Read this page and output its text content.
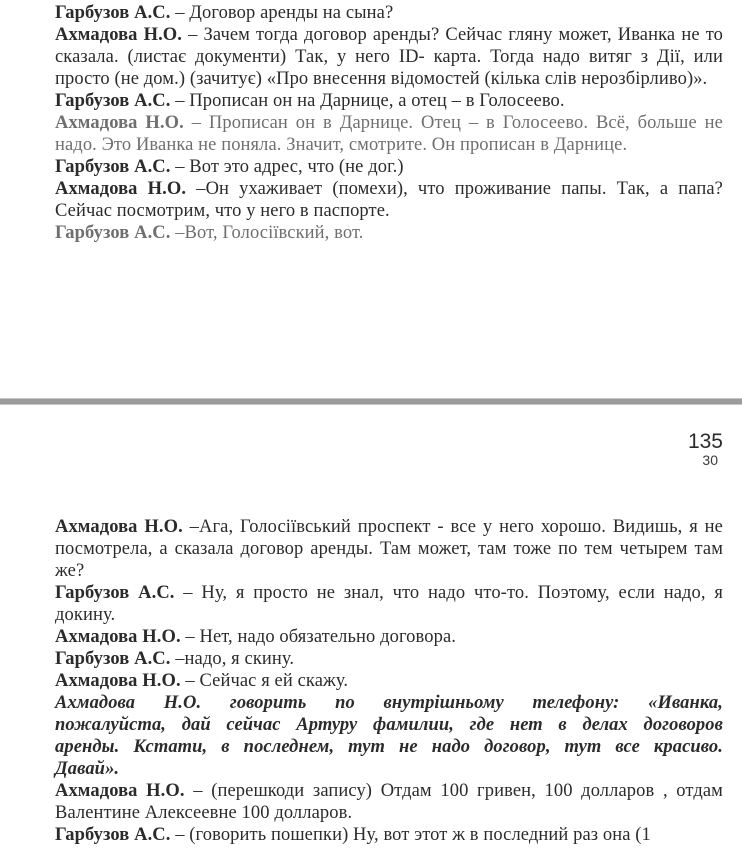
Гарбузов А.С. – Договор аренды на сына?

Ахмадова Н.О. – Зачем тогда договор аренды? Сейчас гляну может, Иванка не то сказала. (листає документи) Так, у него ID- карта. Тогда надо витяг з Дії, или просто (не дом.) (зачитує) «Про внесення відомостей (кілька слів нерозбірливо)».

Гарбузов А.С. – Прописан он на Дарнице, а отец – в Голосеево.

Ахмадова Н.О. – Прописан он в Дарнице. Отец – в Голосеево. Всё, больше не надо. Это Иванка не поняла. Значит, смотрите. Он прописан в Дарнице.

Гарбузов А.С. – Вот это адрес, что (не дог.)

Ахмадова Н.О. –Он ухаживает (помехи), что проживание папы. Так, а папа? Сейчас посмотрим, что у него в паспорте.

Гарбузов А.С. –Вот, Голосіївский, вот.

135
30

Ахмадова Н.О. –Ага, Голосіївський проспект - все у него хорошо. Видишь, я не посмотрела, а сказала договор аренды. Там может, там тоже по тем четырем там же?

Гарбузов А.С. – Ну, я просто не знал, что надо что-то. Поэтому, если надо, я докину.

Ахмадова Н.О. – Нет, надо обязательно договора.

Гарбузов А.С. –надо, я скину.

Ахмадова Н.О. – Сейчас я ей скажу.

Ахмадова Н.О. говорить по внутрішньому телефону: «Иванка, пожалуйста, дай сейчас Артуру фамилии, где нет в делах договоров аренды. Кстати, в последнем, тут не надо договор, тут все красиво. Давай».

Ахмадова Н.О. – (перешкоди запису) Отдам 100 гривен, 100 долларов , отдам Валентине Алексеевне 100 долларов.

Гарбузов А.С. – (говорить пошепки) Ну, вот этот ж в последний раз она (1
